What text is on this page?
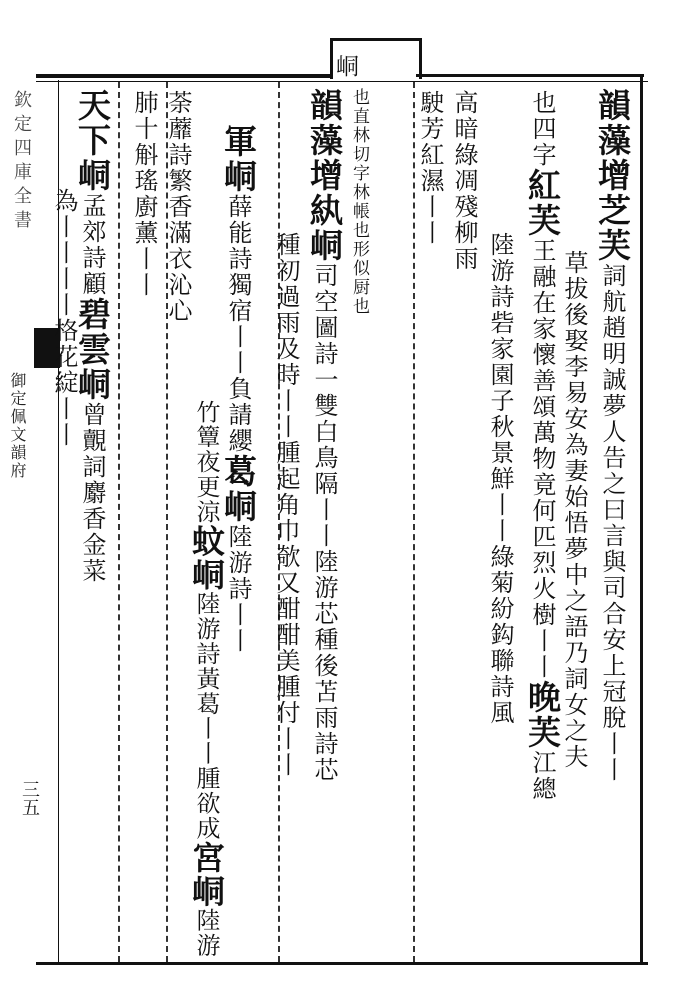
峒
欽定四庫全書
御定佩文韻府
三五
也直林切字林帳也形似厨也	韻藻增芝芙詞航趙明誠夢人告之曰言與司合安上冠脫丨丨
草拔後娶李易安為妻始悟夢中之語乃詞女之夫
也四字紅芙王融在家懷善頌萬物竟何匹烈火樹丨丨晚芙江總
陸游詩砦家園子秋景鮮丨丨綠菊紛鈎聯詩風
高暗綠凋殘柳雨
駛芳紅濕丨丨
韻藻增紈峒司空圖詩一雙白鳥隔丨丨陸游芯種後苫雨詩芯
種初過雨及時丨丨腫起角巾欹又酣酣美腫付丨丨
軍峒薛能詩獨宿丨丨負請纓葛峒陸游詩丨丨
竹簟夜更涼蚊峒陸游詩黃葛丨丨腫欲成宮峒陸游
荼蘼詩繁香滿衣沁心
肺十斛瑤廚薰丨丨
天下峒孟郊詩顧碧雲峒曾覿詞麝香金菜
為丨丨丨丨格花綻丨丨
